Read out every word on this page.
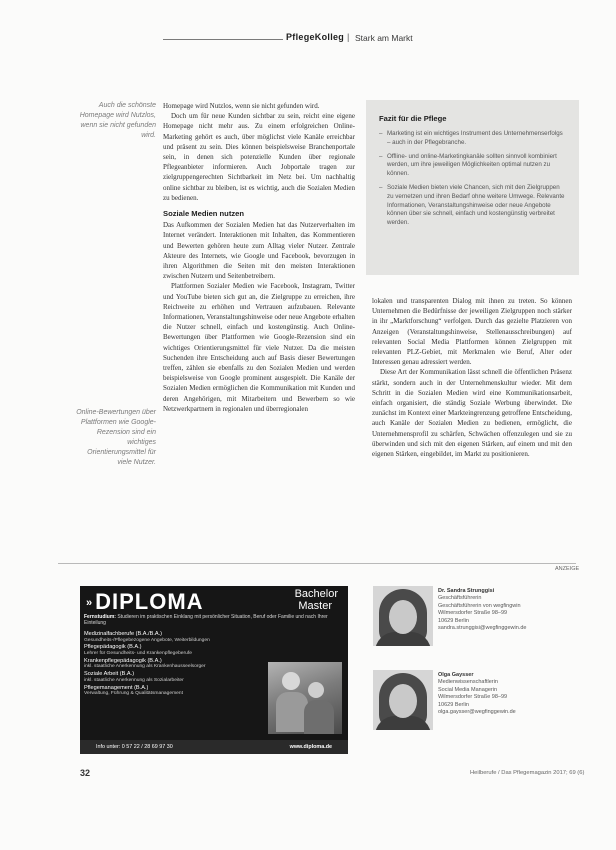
PflegeKolleg | Stark am Markt
Auch die schönste Homepage wird Nutzlos, wenn sie nicht gefunden wird.
Online-Bewertungen über Plattformen wie Google-Rezension sind ein wichtiges Orientierungsmittel für viele Nutzer.

Homepage wird Nutzlos, wenn sie nicht gefunden wird.

Doch um für neue Kunden sichtbar zu sein, reicht eine eigene Homepage nicht mehr aus. Zu einem erfolgreichen Online-Marketing gehört es auch, über möglichst viele Kanäle erreichbar und präsent zu sein. Dies können beispielsweise Branchenportale sein, in denen sich potenzielle Kunden über regionale Pflegeanbieter informieren. Auch Jobportale tragen zur zielgruppengerechten Sichtbarkeit im Netz bei. Um nachhaltig online sichtbar zu bleiben, ist es wichtig, auch die Sozialen Medien zu bedienen.

Soziale Medien nutzen

Das Aufkommen der Sozialen Medien hat das Nutzerverhalten im Internet verändert. Interaktionen mit Inhalten, das Kommentieren und Bewerten gehören heute zum Alltag vieler Nutzer. Zentrale Akteure des Internets, wie Google und Facebook, bevorzugen in ihren Algorithmen die Seiten mit den meisten Interaktionen zwischen Nutzern und Seitenbetreibern.

Plattformen Sozialer Medien wie Facebook, Instagram, Twitter und YouTube bieten sich gut an, die Zielgruppe zu erreichen, ihre Reichweite zu erhöhen und Vertrauen aufzubauen. Relevante Informationen, Veranstaltungshinweise oder neue Angebote erhalten die Nutzer schnell, einfach und kostengünstig. Auch Online-Bewertungen über Plattformen wie Google-Rezension sind ein wichtiges Orientierungsmittel für viele Nutzer. Da die meisten Suchenden ihre Entscheidung auch auf Basis dieser Bewertungen treffen, zählen sie ebenfalls zu den Sozialen Medien und werden beispielsweise von Google prominent ausgespielt. Die Kanäle der Sozialen Medien ermöglichen die Kommunikation mit Kunden und deren Angehörigen, mit Mitarbeitern und Bewerbern so wie Netzwerkpartnern in regionalen und überregionalen

Fazit für die Pflege
– Marketing ist ein wichtiges Instrument des Unternehmenserfolgs – auch in der Pflegebranche.
– Offline- und online-Marketingkanäle sollten sinnvoll kombiniert werden, um ihre jeweiligen Möglichkeiten optimal nutzen zu können.
– Soziale Medien bieten viele Chancen, sich mit den Zielgruppen zu vernetzen und ihren Bedarf ohne weitere Umwege. Relevante Informationen, Veranstaltungshinweise oder neue Angebote können über sie schnell, einfach und kostengünstig verbreitet werden.

lokalen und transparenten Dialog mit ihnen zu treten. So können Unternehmen die Bedürfnisse der jeweiligen Zielgruppen noch stärker in ihr „Marktforschung“ verfolgen. Durch das gezielte Platzieren von Anzeigen (Veranstaltungshinweise, Stellenausschreibungen) auf relevanten Social Media Plattformen können Zielgruppen mit relevanten PLZ-Gebiet, mit Merkmalen wie Beruf, Alter oder Interessen genau adressiert werden.

Diese Art der Kommunikation lässt schnell die öffentlichen Präsenz stärkt, sondern auch in der Unternehmenskultur wieder. Mit dem Schritt in die Sozialen Medien wird eine Kommunikationsarbeit, einfach organisiert, die ständig Soziale Werbung überwindet. Die zunächst im Kontext einer Markteingrenzung getroffene Entscheidung, auch Kanäle der Sozialen Medien zu bedienen, ermöglicht, die Unternehmensprofil zu schärfen, Schwächen offenzulegen und sie zu überwinden und sich mit den eigenen Stärken, auf einem und mit den eigenen Stärken, eingebildet, im Markt zu positionieren.

ANZEIGE
»DIPLOMA	Bachelor
Master
Fernstudium: Studieren im praktischen Einklang mit persönlicher Situation, Beruf oder Familie und nach Ihrer Einteilung
Medizinalfachberufe (B.A./B.A.)
Gesundheits-/Pflegebezogene Angebote, Weiterbildungen
Pflegepädagogik (B.A.)
Lehrer für Gesundheits- und Krankenpflegeberufe
Krankenpflegepädagogik (B.A.)
inkl. staatliche Anerkennung als Krankenhausseelsorger
Soziale Arbeit (B.A.)
inkl. staatliche Anerkennung als Sozialarbeiter
Pflegemanagement (B.A.)
Verwaltung, Führung & Qualitätsmanagement
Info unter: 0 57 22 / 28 69 97 30	www.diploma.de
Dr. Sandra Strunggisi
Geschäftsführerin
Geschäftsführerin von wegfingwin
Wilmersdorfer Straße 98–99
10629 Berlin
sandra.strunggisi@wegfinggewin.de
Olga Gaysser
Medienwissenschaftlerin
Social Media Managerin
Wilmersdorfer Straße 98–99
10629 Berlin
olga.gaysser@wegfinggewin.de
32	Heilberufe / Das Pflegemagazin 2017; 69 (6)
